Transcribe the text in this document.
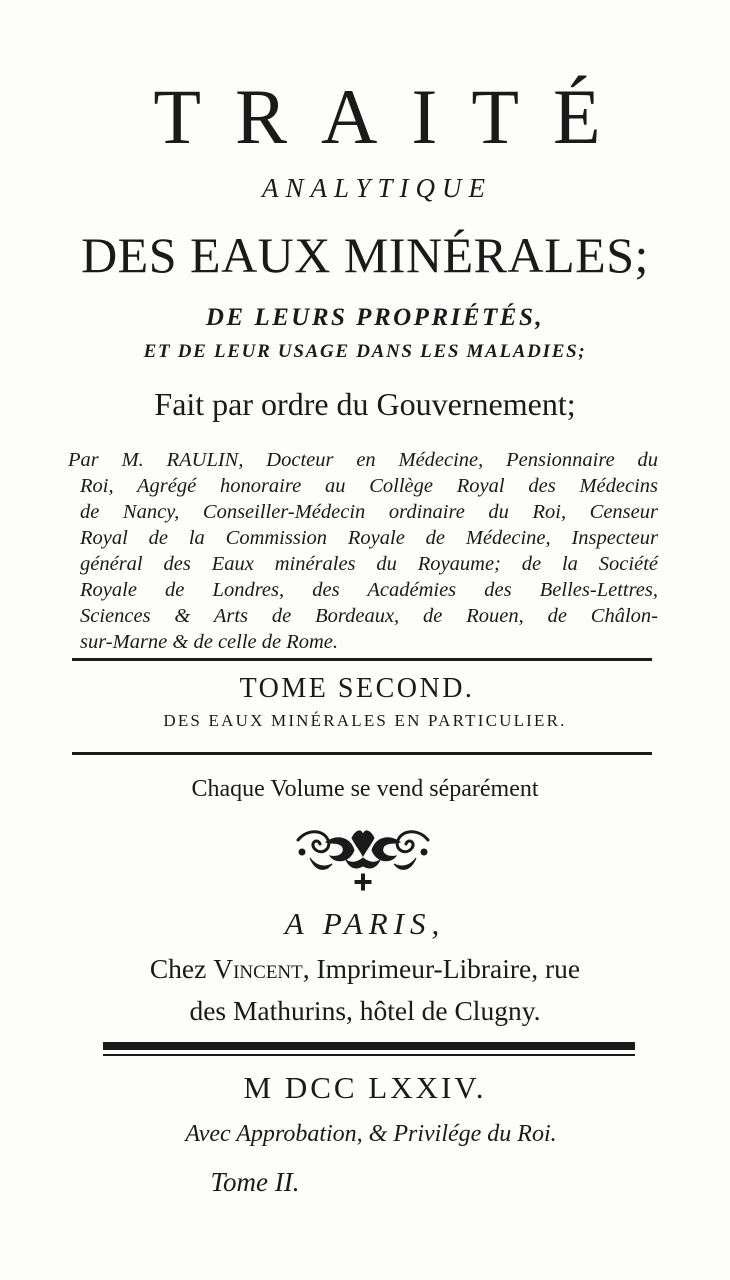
TRAITÉ
ANALYTIQUE
DES EAUX MINÉRALES;
DE LEURS PROPRIÉTÉS,
ET DE LEUR USAGE DANS LES MALADIES;
Fait par ordre du Gouvernement;
Par M. RAULIN, Docteur en Médecine, Pensionnaire du
Roi, Agrégé honoraire au Collège Royal des Médecins
de Nancy, Conseiller-Médecin ordinaire du Roi, Censeur
Royal de la Commission Royale de Médecine, Inspecteur
général des Eaux minérales du Royaume; de la Société
Royale de Londres, des Académies des Belles-Lettres,
Sciences & Arts de Bordeaux, de Rouen, de Châlon-
sur-Marne & de celle de Rome.
TOME SECOND.
DES EAUX MINÉRALES EN PARTICULIER.
Chaque Volume se vend séparément
A PARIS,
Chez Vincent, Imprimeur-Libraire, rue
des Mathurins, hôtel de Clugny.
M DCC LXXIV.
Avec Approbation, & Privilége du Roi.
Tome II.
